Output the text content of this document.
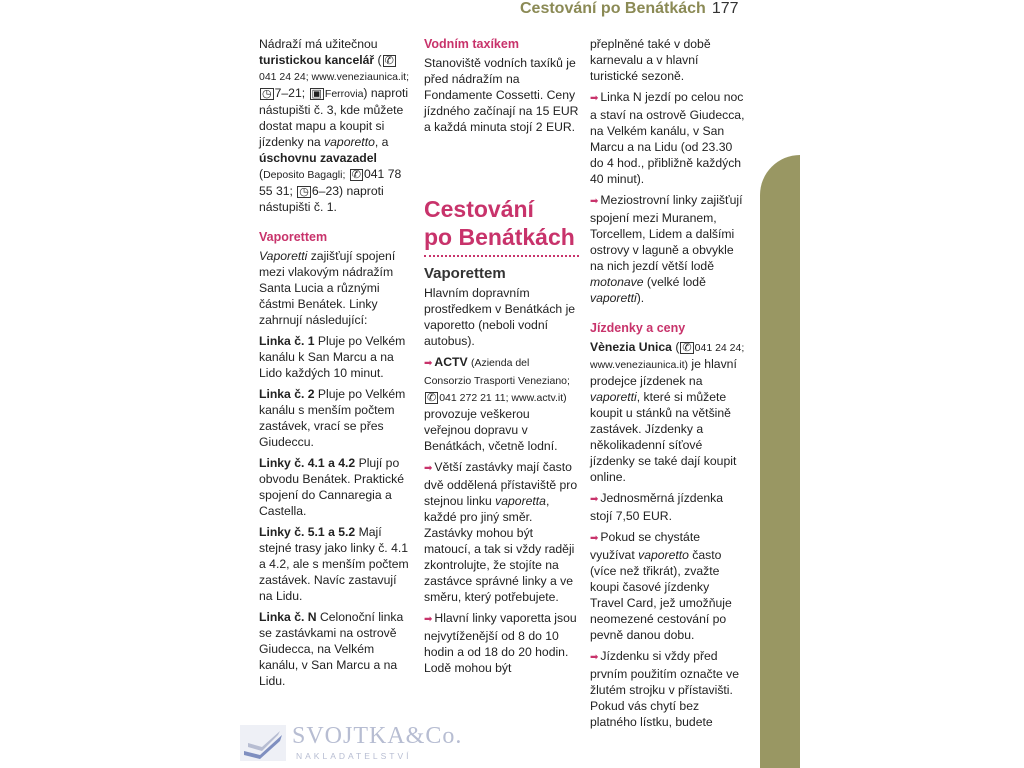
Cestování po Benátkách 177

Nádraží má užitečnou turistickou kancelář ( ✆041 24 24; www.veneziaunica.it; ◷ 7–21; ▣ Ferrovia) naproti nástupišti č. 3, kde můžete dostat mapu a koupit si jízdenky na vaporetto, a úschovnu zavazadel (Deposito Bagagli; ✆ 041 78 55 31; ◷ 6–23) naproti nástupišti č. 1.

Vaporettem

Vaporetti zajišťují spojení mezi vlakovým nádražím Santa Lucia a různými částmi Benátek. Linky zahrnují následující:

Linka č. 1 Pluje po Velkém kanálu k San Marcu a na Lido každých 10 minut.

Linka č. 2 Pluje po Velkém kanálu s menším počtem zastávek, vrací se přes Giudeccu.

Linky č. 4.1 a 4.2 Plují po obvodu Benátek. Praktické spojení do Cannaregia a Castella.

Linky č. 5.1 a 5.2 Mají stejné trasy jako linky č. 4.1 a 4.2, ale s menším počtem zastávek. Navíc zastavují na Lidu.

Linka č. N Celonoční linka se zastávkami na ostrově Giudecca, na Velkém kanálu, v San Marcu a na Lidu.

Vodním taxíkem

Stanoviště vodních taxíků je před nádražím na Fondamente Cossetti. Ceny jízdného začínají na 15 EUR a každá minuta stojí 2 EUR.

Cestování
po Benátkách
Vaporettem

Hlavním dopravním prostředkem v Benátkách je vaporetto (neboli vodní autobus).

➡ ACTV (Azienda del Consorzio Trasporti Veneziano;✆ 041 272 21 11; www.actv.it) provozuje veškerou veřejnou dopravu v Benátkách, včetně lodní.

➡ Větší zastávky mají často dvě oddělená přístaviště pro stejnou linku vaporetta, každé pro jiný směr. Zastávky mohou být matoucí, a tak si vždy raději zkontrolujte, že stojíte na zastávce správné linky a ve směru, který potřebujete.

➡ Hlavní linky vaporetta jsou nejvytíženější od 8 do 10 hodin a od 18 do 20 hodin. Lodě mohou být

přeplněné také v době karnevalu a v hlavní turistické sezoně.

➡ Linka N jezdí po celou noc a staví na ostrově Giudecca, na Velkém kanálu, v San Marcu a na Lidu (od 23.30 do 4 hod., přibližně každých 40 minut).

➡ Meziostrovní linky zajišťují spojení mezi Muranem, Torcellem, Lidem a dalšími ostrovy v laguně a obvykle na nich jezdí větší lodě motonave (velké lodě vaporetti).

Jízdenky a ceny

Vènezia Unica ( ✆ 041 24 24; www.veneziaunica.it) je hlavní prodejce jízdenek na vaporetti, které si můžete koupit u stánků na většině zastávek. Jízdenky a několikadenní síťové jízdenky se také dají koupit online.

➡ Jednosměrná jízdenka stojí 7,50 EUR.

➡ Pokud se chystáte využívat vaporetto často (více než třikrát), zvažte koupi časové jízdenky Travel Card, jež umožňuje neomezené cestování po pevně danou dobu.

➡ Jízdenku si vždy před prvním použitím označte ve žlutém strojku v přístavišti. Pokud vás chytí bez platného lístku, budete

SVOJTKA&Co.
NAKLADATELSTVÍ
